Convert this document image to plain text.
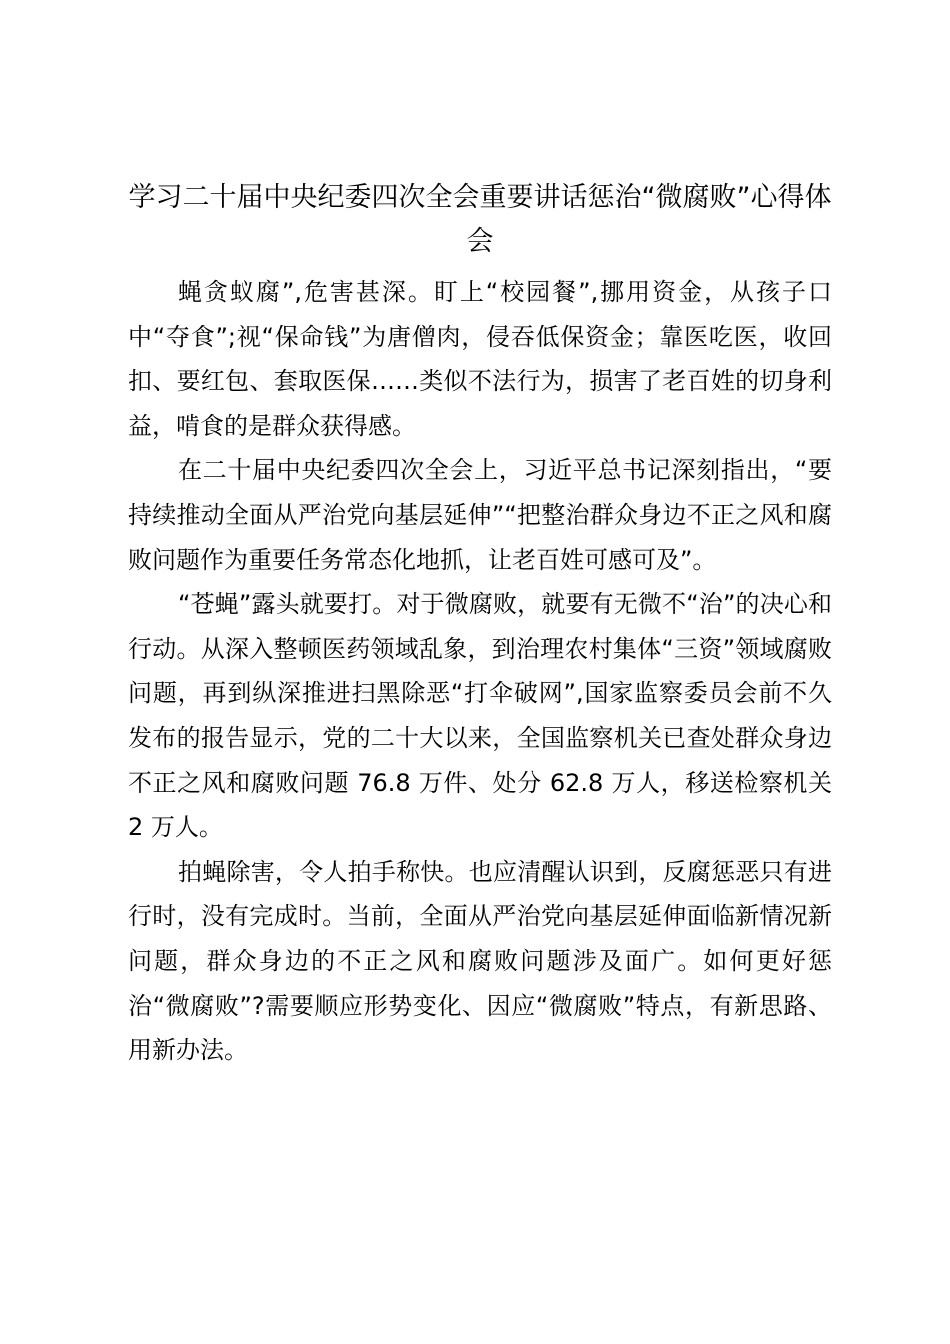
学习二十届中央纪委四次全会重要讲话惩治“微腐败”心得体会

蝇贪蚁腐”,危害甚深。盯上“校园餐”,挪用资金，从孩子口中“夺食”;视“保命钱”为唐僧肉，侵吞低保资金；靠医吃医，收回扣、要红包、套取医保……类似不法行为，损害了老百姓的切身利益，啃食的是群众获得感。

在二十届中央纪委四次全会上，习近平总书记深刻指出，“要持续推动全面从严治党向基层延伸”“把整治群众身边不正之风和腐败问题作为重要任务常态化地抓，让老百姓可感可及”。

“苍蝇”露头就要打。对于微腐败，就要有无微不“治”的决心和行动。从深入整顿医药领域乱象，到治理农村集体“三资”领域腐败问题，再到纵深推进扫黑除恶“打伞破网”,国家监察委员会前不久发布的报告显示，党的二十大以来，全国监察机关已查处群众身边不正之风和腐败问题 76.8 万件、处分 62.8 万人，移送检察机关 2 万人。

拍蝇除害，令人拍手称快。也应清醒认识到，反腐惩恶只有进行时，没有完成时。当前，全面从严治党向基层延伸面临新情况新问题，群众身边的不正之风和腐败问题涉及面广。如何更好惩治“微腐败”?需要顺应形势变化、因应“微腐败”特点，有新思路、用新办法。
